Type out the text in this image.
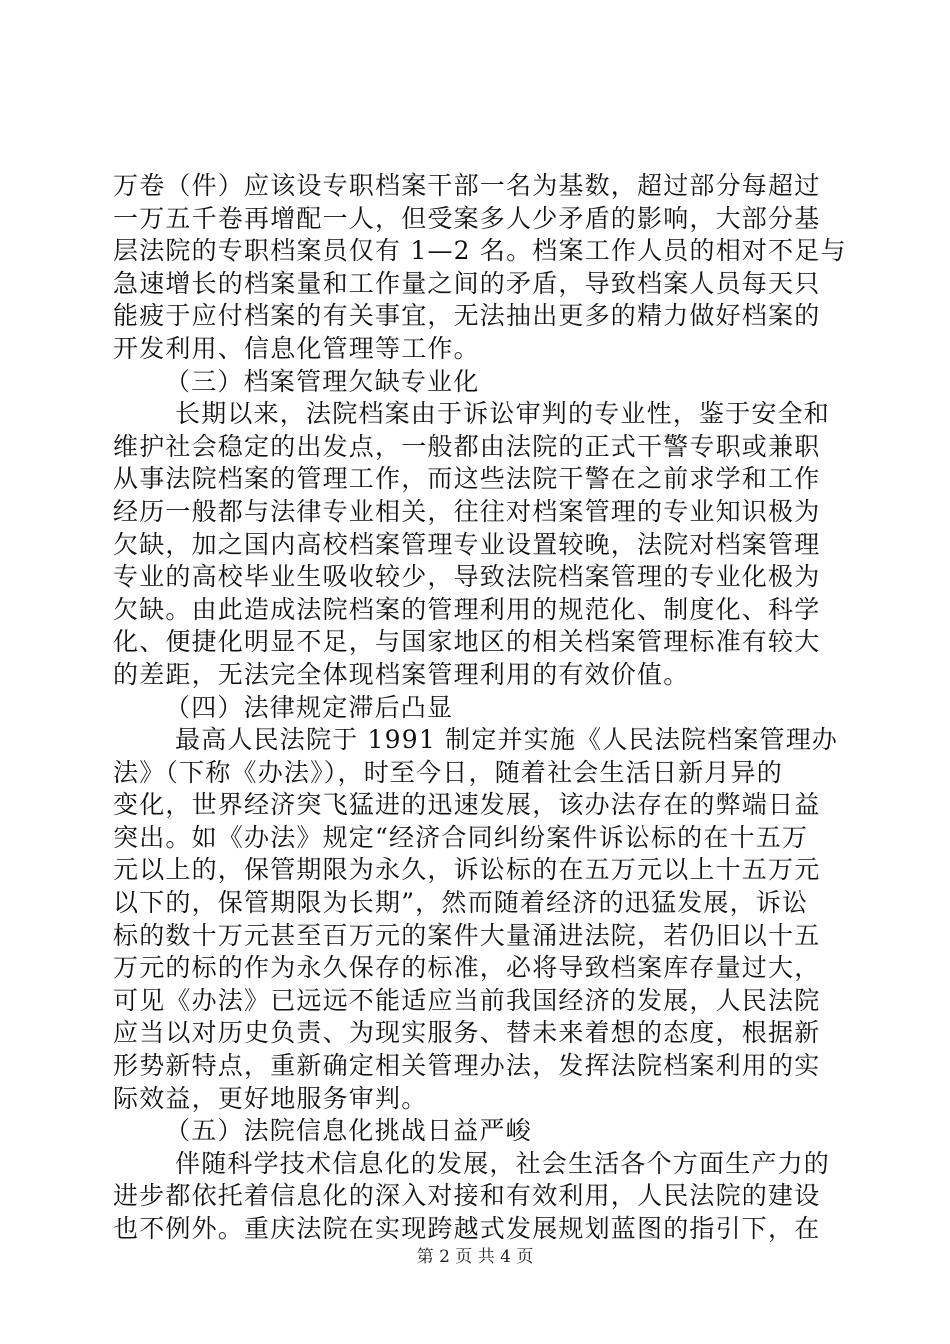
万卷（件）应该设专职档案干部一名为基数，超过部分每超过
一万五千卷再增配一人，但受案多人少矛盾的影响，大部分基
层法院的专职档案员仅有 1—2 名。档案工作人员的相对不足与
急速增长的档案量和工作量之间的矛盾，导致档案人员每天只
能疲于应付档案的有关事宜，无法抽出更多的精力做好档案的
开发利用、信息化管理等工作。
（三）档案管理欠缺专业化
长期以来，法院档案由于诉讼审判的专业性，鉴于安全和
维护社会稳定的出发点，一般都由法院的正式干警专职或兼职
从事法院档案的管理工作，而这些法院干警在之前求学和工作
经历一般都与法律专业相关，往往对档案管理的专业知识极为
欠缺，加之国内高校档案管理专业设置较晚，法院对档案管理
专业的高校毕业生吸收较少，导致法院档案管理的专业化极为
欠缺。由此造成法院档案的管理利用的规范化、制度化、科学
化、便捷化明显不足，与国家地区的相关档案管理标准有较大
的差距，无法完全体现档案管理利用的有效价值。
（四）法律规定滞后凸显
最高人民法院于 1991 制定并实施《人民法院档案管理办
法》（下称《办法》），时至今日，随着社会生活日新月异的
变化，世界经济突飞猛进的迅速发展，该办法存在的弊端日益
突出。如《办法》规定“经济合同纠纷案件诉讼标的在十五万
元以上的，保管期限为永久，诉讼标的在五万元以上十五万元
以下的，保管期限为长期”，然而随着经济的迅猛发展，诉讼
标的数十万元甚至百万元的案件大量涌进法院，若仍旧以十五
万元的标的作为永久保存的标准，必将导致档案库存量过大，
可见《办法》已远远不能适应当前我国经济的发展，人民法院
应当以对历史负责、为现实服务、替未来着想的态度，根据新
形势新特点，重新确定相关管理办法，发挥法院档案利用的实
际效益，更好地服务审判。
（五）法院信息化挑战日益严峻
伴随科学技术信息化的发展，社会生活各个方面生产力的
进步都依托着信息化的深入对接和有效利用，人民法院的建设
也不例外。重庆法院在实现跨越式发展规划蓝图的指引下，在
第 2 页 共 4 页
